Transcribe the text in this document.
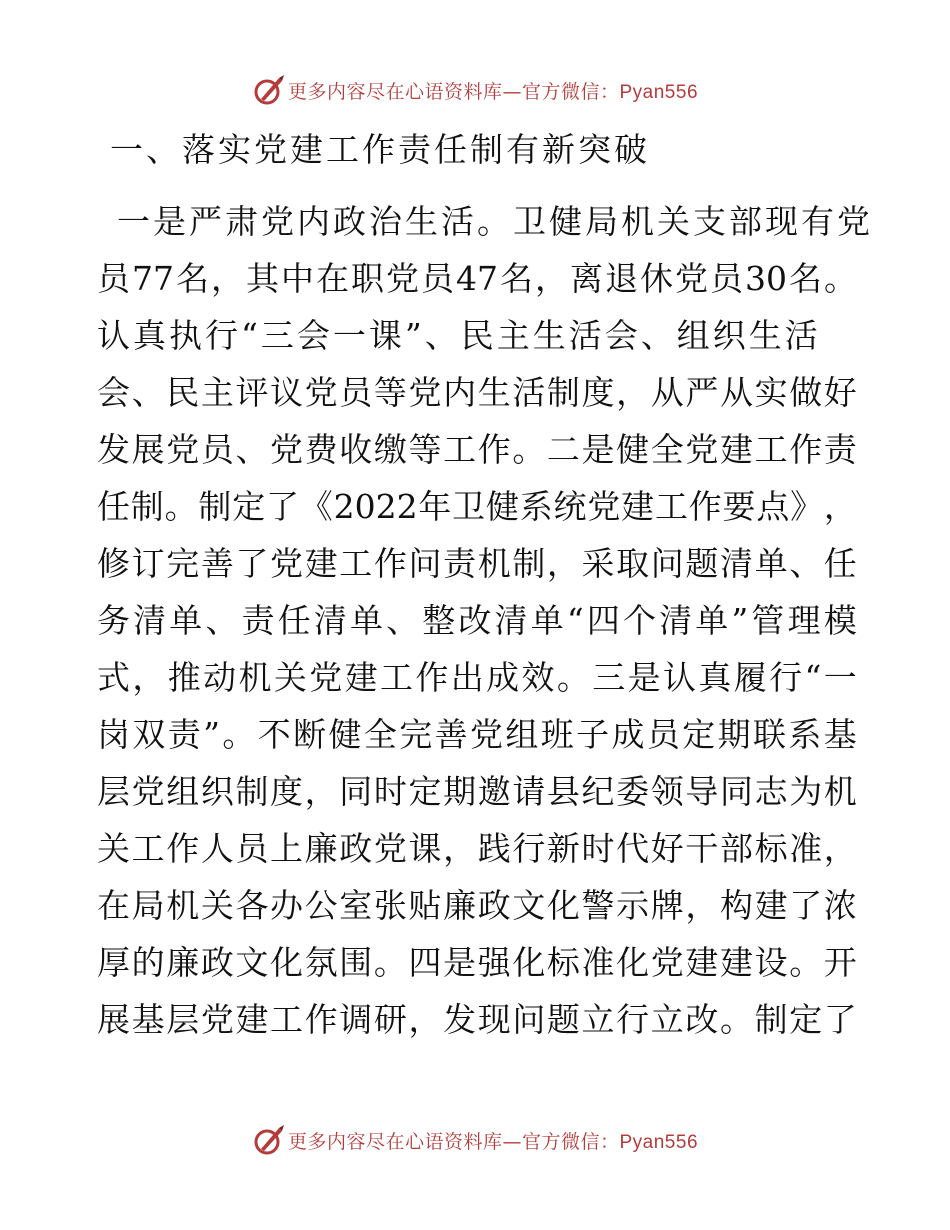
更多内容尽在心语资料库—官方微信：Pyan556
一、落实党建工作责任制有新突破
一是严肃党内政治生活。卫健局机关支部现有党
员 77 名 ， 其 中 在 职 党 员 47 名 ， 离 退 休 党 员 30 名 。
认真执行“三会一课”、民主生活会、组织生活
会 、 民 主 评 议 党 员 等 党 内 生 活 制 度 ， 从 严 从 实 做 好
发 展 党 员 、 党 费 收 缴 等 工 作 。 二 是 健 全 党 建 工 作 责
任 制 。 制 定 了 《 2022 年 卫 健 系 统 党 建 工 作 要 点 》 ，
修 订 完 善 了 党 建 工 作 问 责 机 制 ， 采 取 问 题 清 单 、 任
务 清 单 、 责 任 清 单 、 整 改 清 单 “ 四 个 清 单 ” 管 理 模
式 ， 推 动 机 关 党 建 工 作 出 成 效 。 三 是 认 真 履 行 “ 一
岗 双 责 ” 。 不 断 健 全 完 善 党 组 班 子 成 员 定 期 联 系 基
层 党 组 织 制 度 ， 同 时 定 期 邀 请 县 纪 委 领 导 同 志 为 机
关 工 作 人 员 上 廉 政 党 课 ， 践 行 新 时 代 好 干 部 标 准 ，
在 局 机 关 各 办 公 室 张 贴 廉 政 文 化 警 示 牌 ， 构 建 了 浓
厚 的 廉 政 文 化 氛 围 。 四 是 强 化 标 准 化 党 建 建 设 。 开
展 基 层 党 建 工 作 调 研 ， 发 现 问 题 立 行 立 改 。 制 定 了
更多内容尽在心语资料库—官方微信：Pyan556
